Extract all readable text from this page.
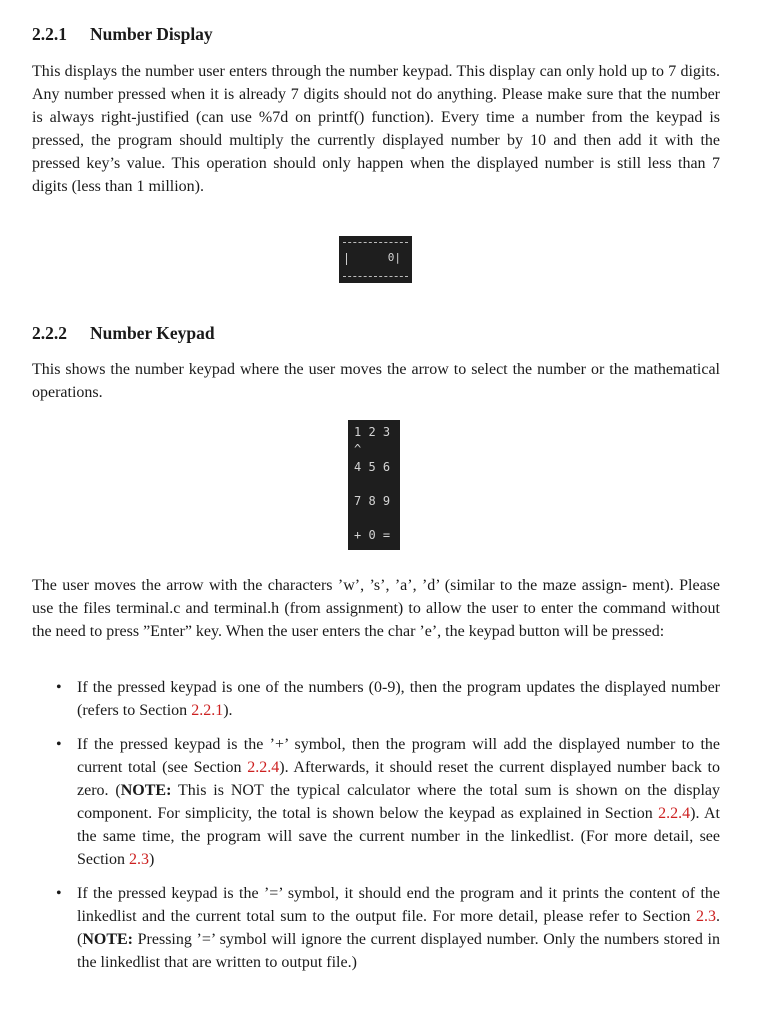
2.2.1 Number Display

This displays the number user enters through the number keypad. This display can only hold up to 7 digits. Any number pressed when it is already 7 digits should not do anything. Please make sure that the number is always right-justified (can use %7d on printf() function). Every time a number from the keypad is pressed, the program should multiply the currently displayed number by 10 and then add it with the pressed key’s value. This operation should only happen when the displayed number is still less than 7 digits (less than 1 million).

0|
2.2.2 Number Keypad

This shows the number keypad where the user moves the arrow to select the number or the mathematical operations.

1 2 3
^
4 5 6
7 8 9
+ 0 =

The user moves the arrow with the characters ’w’, ’s’, ’a’, ’d’ (similar to the maze assign- ment). Please use the files terminal.c and terminal.h (from assignment) to allow the user to enter the command without the need to press ”Enter” key. When the user enters the char ’e’, the keypad button will be pressed:

• If the pressed keypad is one of the numbers (0-9), then the program updates the displayed number (refers to Section 2.2.1).
• If the pressed keypad is the ’+’ symbol, then the program will add the displayed number to the current total (see Section 2.2.4). Afterwards, it should reset the current displayed number back to zero. (NOTE: This is NOT the typical calculator where the total sum is shown on the display component. For simplicity, the total is shown below the keypad as explained in Section 2.2.4). At the same time, the program will save the current number in the linkedlist. (For more detail, see Section 2.3)
• If the pressed keypad is the ’=’ symbol, it should end the program and it prints the content of the linkedlist and the current total sum to the output file. For more detail, please refer to Section 2.3. (NOTE: Pressing ’=’ symbol will ignore the current displayed number. Only the numbers stored in the linkedlist that are written to output file.)
